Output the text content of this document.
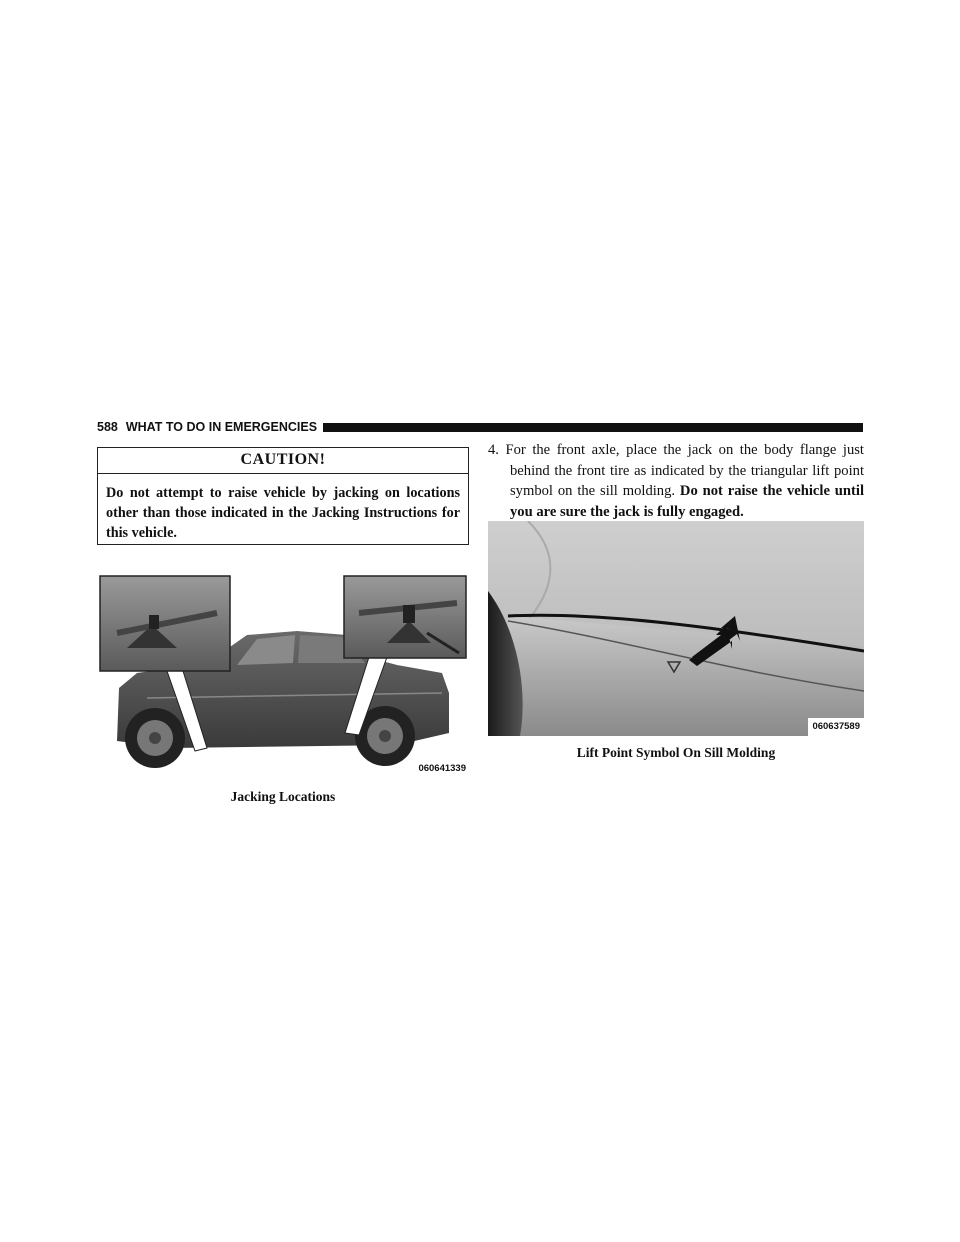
588 WHAT TO DO IN EMERGENCIES
CAUTION!
Do not attempt to raise vehicle by jacking on locations other than those indicated in the Jacking Instructions for this vehicle.
060641339
Jacking Locations
4. For the front axle, place the jack on the body flange just behind the front tire as indicated by the triangular lift point symbol on the sill molding. Do not raise the vehicle until you are sure the jack is fully engaged.
060637589
Lift Point Symbol On Sill Molding
